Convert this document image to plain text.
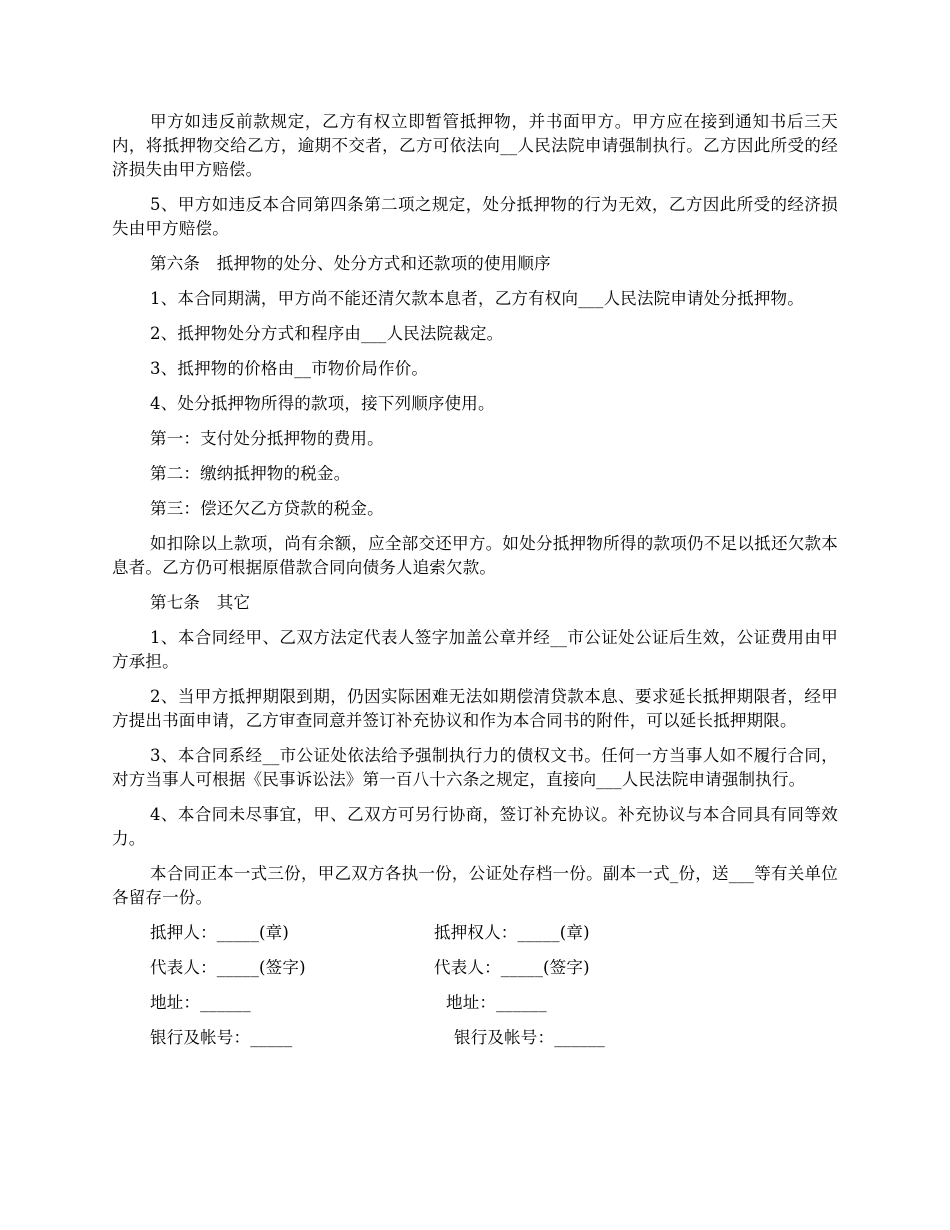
甲方如违反前款规定，乙方有权立即暂管抵押物，并书面甲方。甲方应在接到通知书后三天内，将抵押物交给乙方，逾期不交者，乙方可依法向__人民法院申请强制执行。乙方因此所受的经济损失由甲方赔偿。

5、甲方如违反本合同第四条第二项之规定，处分抵押物的行为无效，乙方因此所受的经济损失由甲方赔偿。

第六条　抵押物的处分、处分方式和还款项的使用顺序

1、本合同期满，甲方尚不能还清欠款本息者，乙方有权向___人民法院申请处分抵押物。

2、抵押物处分方式和程序由___人民法院裁定。

3、抵押物的价格由__市物价局作价。

4、处分抵押物所得的款项，接下列顺序使用。

第一：支付处分抵押物的费用。

第二：缴纳抵押物的税金。

第三：偿还欠乙方贷款的税金。

如扣除以上款项，尚有余额，应全部交还甲方。如处分抵押物所得的款项仍不足以抵还欠款本息者。乙方仍可根据原借款合同向债务人追索欠款。

第七条　其它

1、本合同经甲、乙双方法定代表人签字加盖公章并经__市公证处公证后生效，公证费用由甲方承担。

2、当甲方抵押期限到期，仍因实际困难无法如期偿清贷款本息、要求延长抵押期限者，经甲方提出书面申请，乙方审查同意并签订补充协议和作为本合同书的附件，可以延长抵押期限。

3、本合同系经__市公证处依法给予强制执行力的债权文书。任何一方当事人如不履行合同，对方当事人可根据《民事诉讼法》第一百八十六条之规定，直接向___人民法院申请强制执行。

4、本合同未尽事宜，甲、乙双方可另行协商，签订补充协议。补充协议与本合同具有同等效力。

本合同正本一式三份，甲乙双方各执一份，公证处存档一份。副本一式_份，送___等有关单位各留存一份。

抵押人：_____(章)	抵押权人：_____(章)
代表人：_____(签字)	代表人：_____(签字)
地址：______	地址：______
银行及帐号：_____	银行及帐号：______
